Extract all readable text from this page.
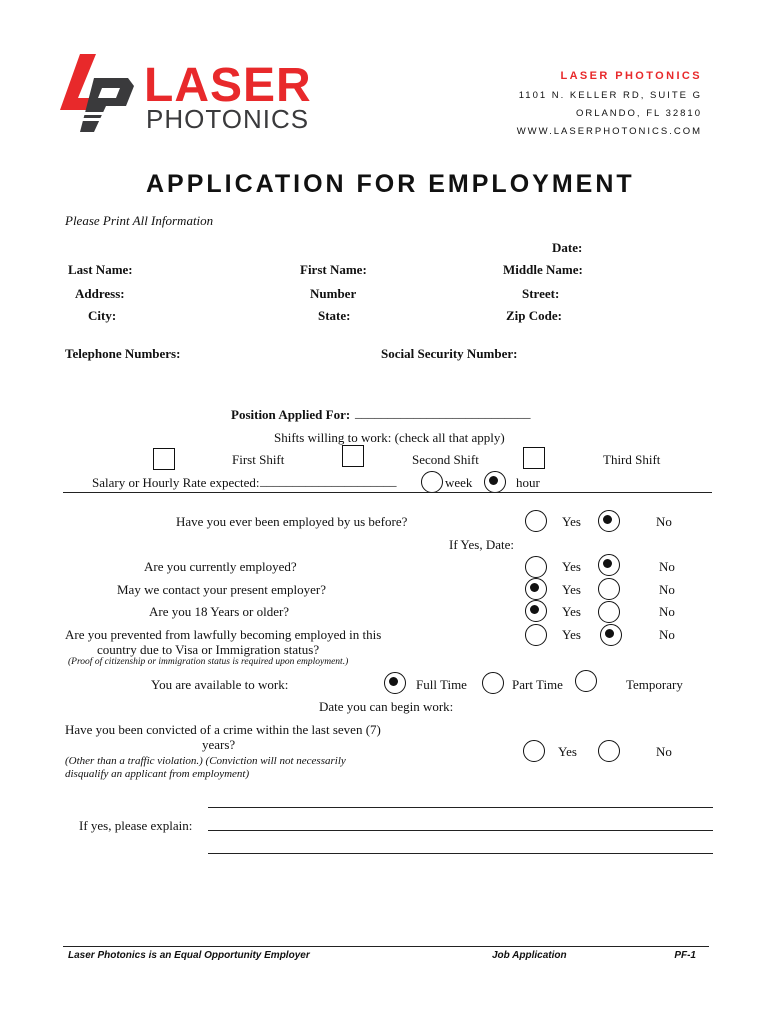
LASER
PHOTONICS
LASER PHOTONICS
1101 N. KELLER RD, SUITE G
ORLANDO, FL 32810
WWW.LASERPHOTONICS.COM
APPLICATION FOR EMPLOYMENT
Please Print All Information
Date:
Last Name:	First Name:	Middle Name:
Address:	Number	Street:
City:	State:	Zip Code:
Telephone Numbers:	Social Security Number:
Position Applied For: ___________________________
Shifts willing to work: (check all that apply)
First Shift	Second Shift	Third Shift
Salary or Hourly Rate expected: _____________________	week	hour
Have you ever been employed by us before?	Yes	No
If Yes, Date:
Are you currently employed?	Yes	No
May we contact your present employer?	Yes	No
Are you 18 Years or older?	Yes	No
Are you prevented from lawfully becoming employed in this
country due to Visa or Immigration status?
Yes	No
(Proof of citizenship or immigration status is required upon employment.)
You are available to work:	Full Time	Part Time	Temporary
Date you can begin work:
Have you been convicted of a crime within the last seven (7)
years?
(Other than a traffic violation.) (Conviction will not necessarily
disqualify an applicant from employment)
Yes	No
If yes, please explain:
Laser Photonics is an Equal Opportunity Employer	Job Application	PF-1
